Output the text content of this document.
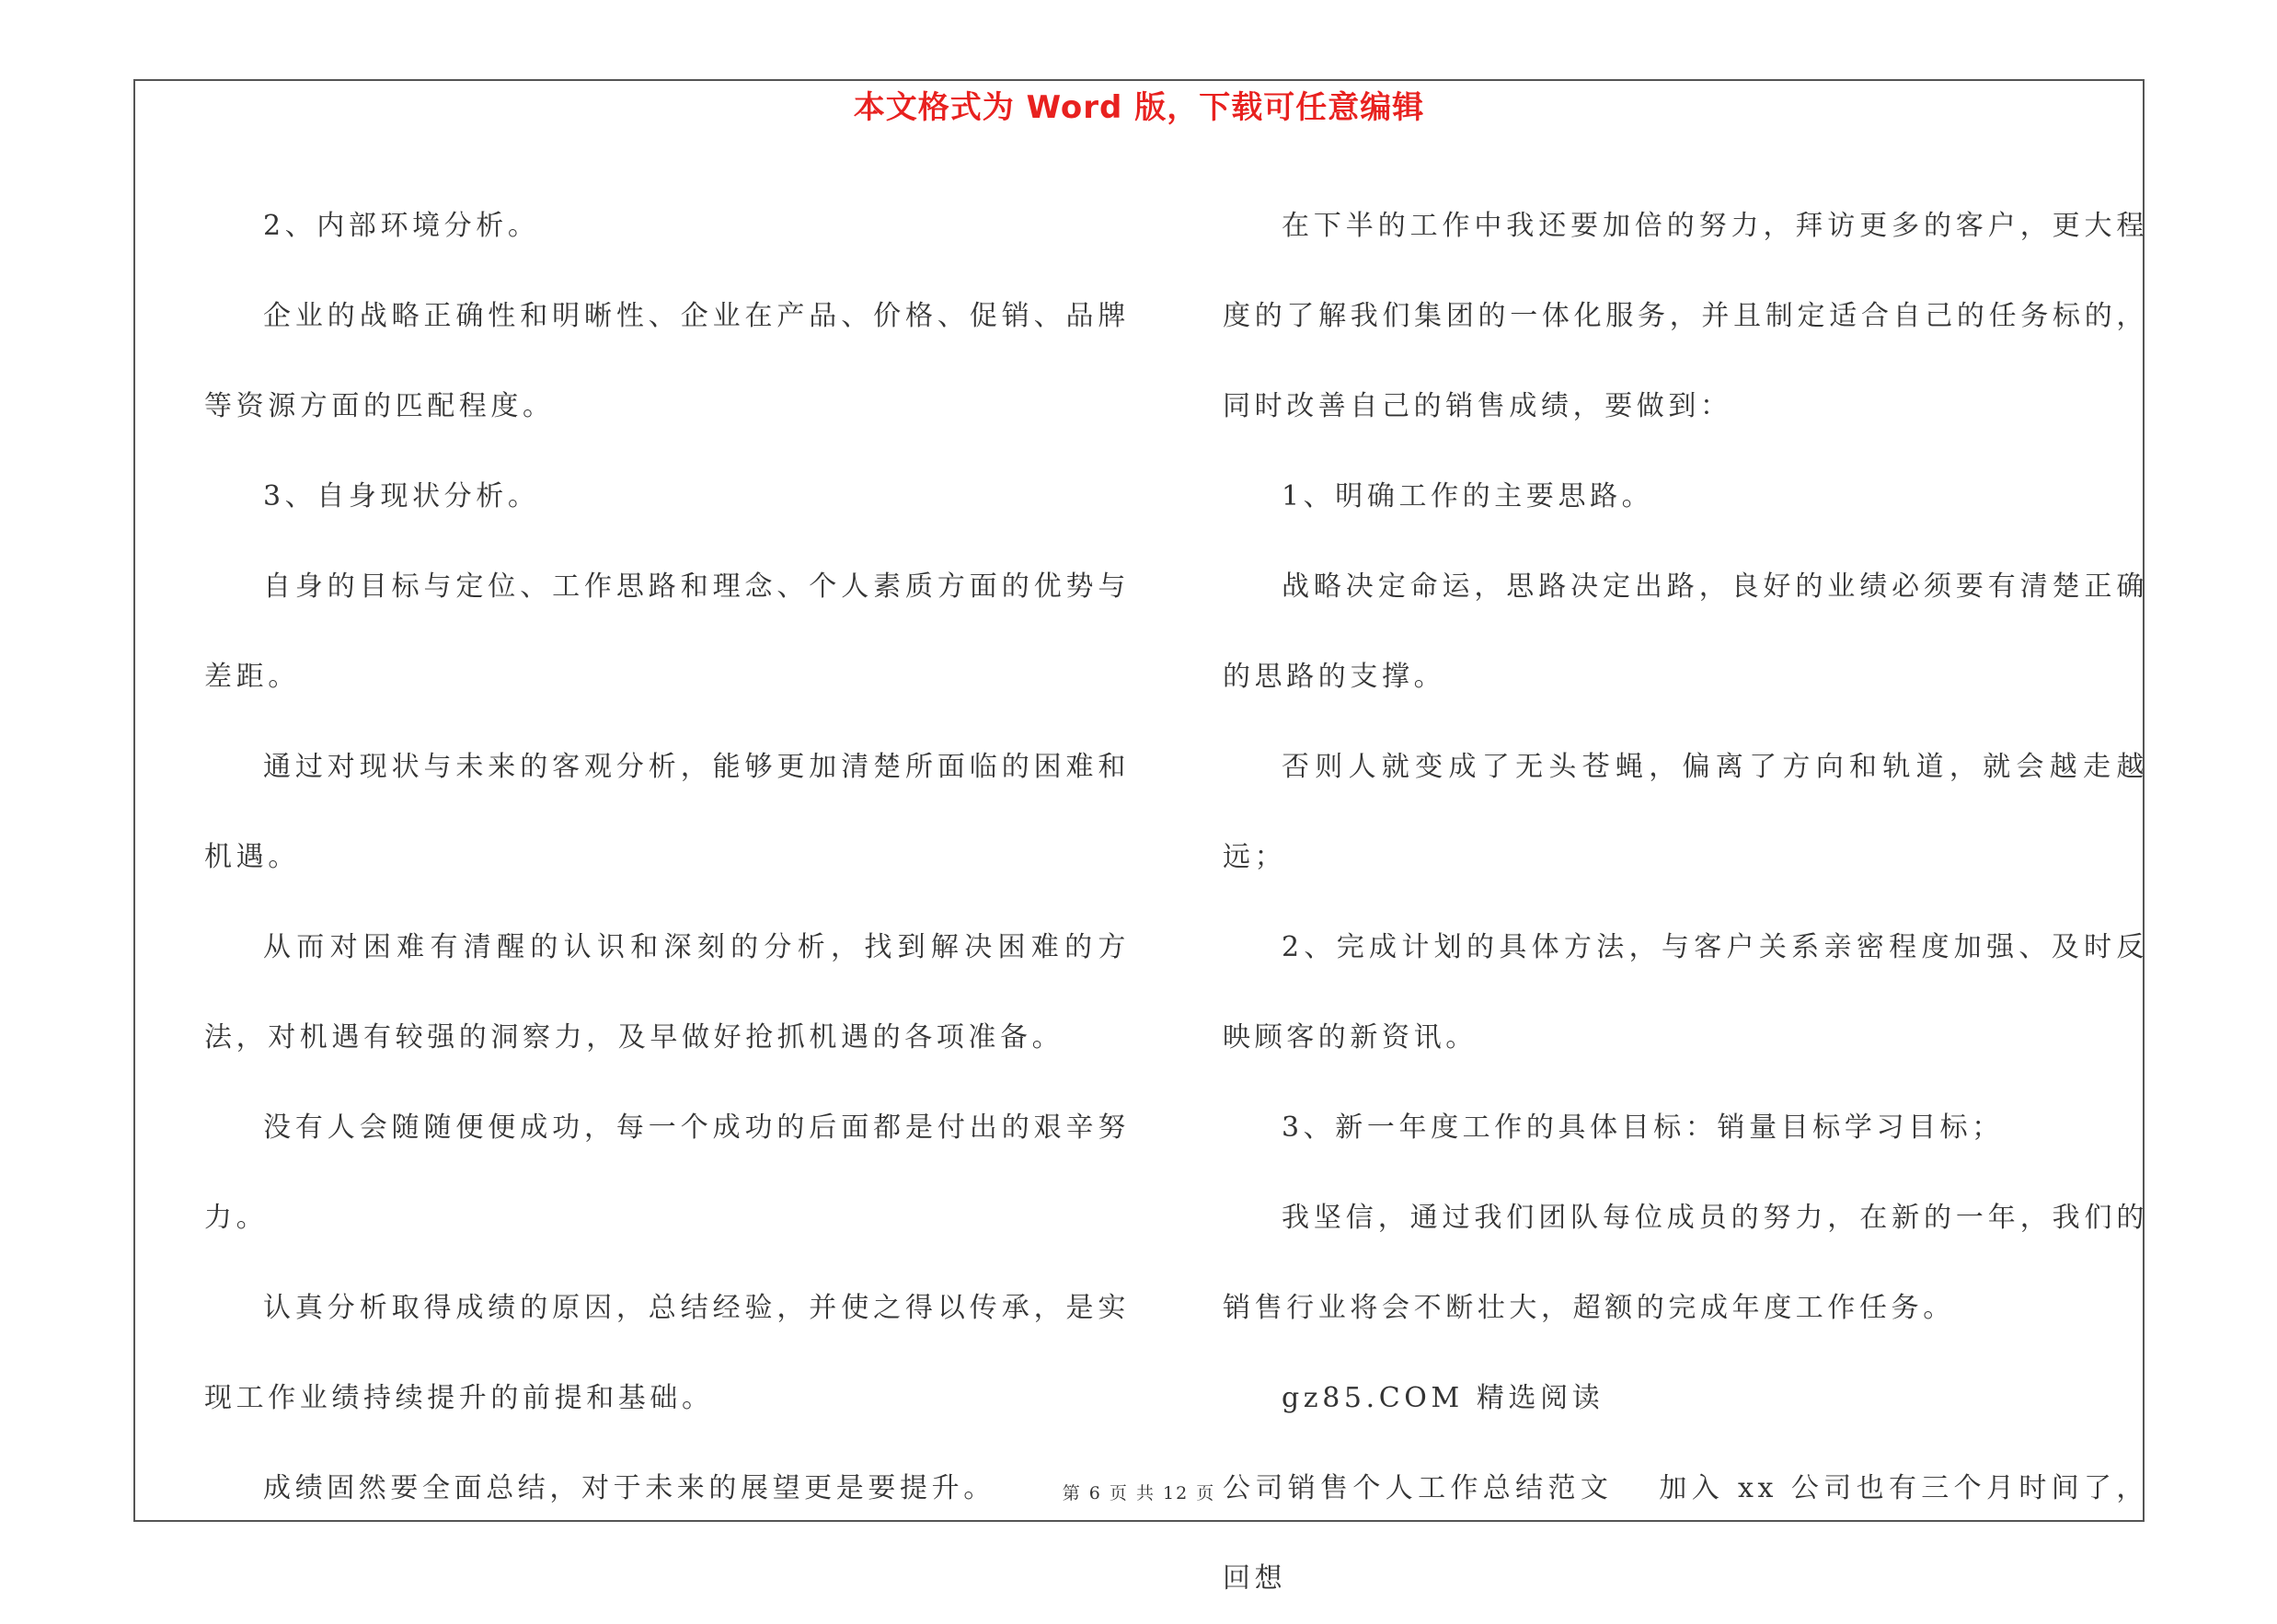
本文格式为 Word 版，下载可任意编辑

2、内部环境分析。

企业的战略正确性和明晰性、企业在产品、价格、促销、品牌等资源方面的匹配程度。

3、自身现状分析。

自身的目标与定位、工作思路和理念、个人素质方面的优势与差距。

通过对现状与未来的客观分析，能够更加清楚所面临的困难和机遇。

从而对困难有清醒的认识和深刻的分析，找到解决困难的方法，对机遇有较强的洞察力，及早做好抢抓机遇的各项准备。

没有人会随随便便成功，每一个成功的后面都是付出的艰辛努力。

认真分析取得成绩的原因，总结经验，并使之得以传承，是实现工作业绩持续提升的前提和基础。

成绩固然要全面总结，对于未来的展望更是要提升。

在下半的工作中我还要加倍的努力，拜访更多的客户，更大程度的了解我们集团的一体化服务，并且制定适合自己的任务标的，同时改善自己的销售成绩，要做到：

1、明确工作的主要思路。

战略决定命运，思路决定出路，良好的业绩必须要有清楚正确的思路的支撑。

否则人就变成了无头苍蝇，偏离了方向和轨道，就会越走越远；

2、完成计划的具体方法，与客户关系亲密程度加强、及时反映顾客的新资讯。

3、新一年度工作的具体目标：销量目标学习目标；

我坚信，通过我们团队每位成员的努力，在新的一年，我们的销售行业将会不断壮大，超额的完成年度工作任务。

gz85.COM 精选阅读

公司销售个人工作总结范文　 加入 xx 公司也有三个月时间了，回想

第 6 页 共 12 页
